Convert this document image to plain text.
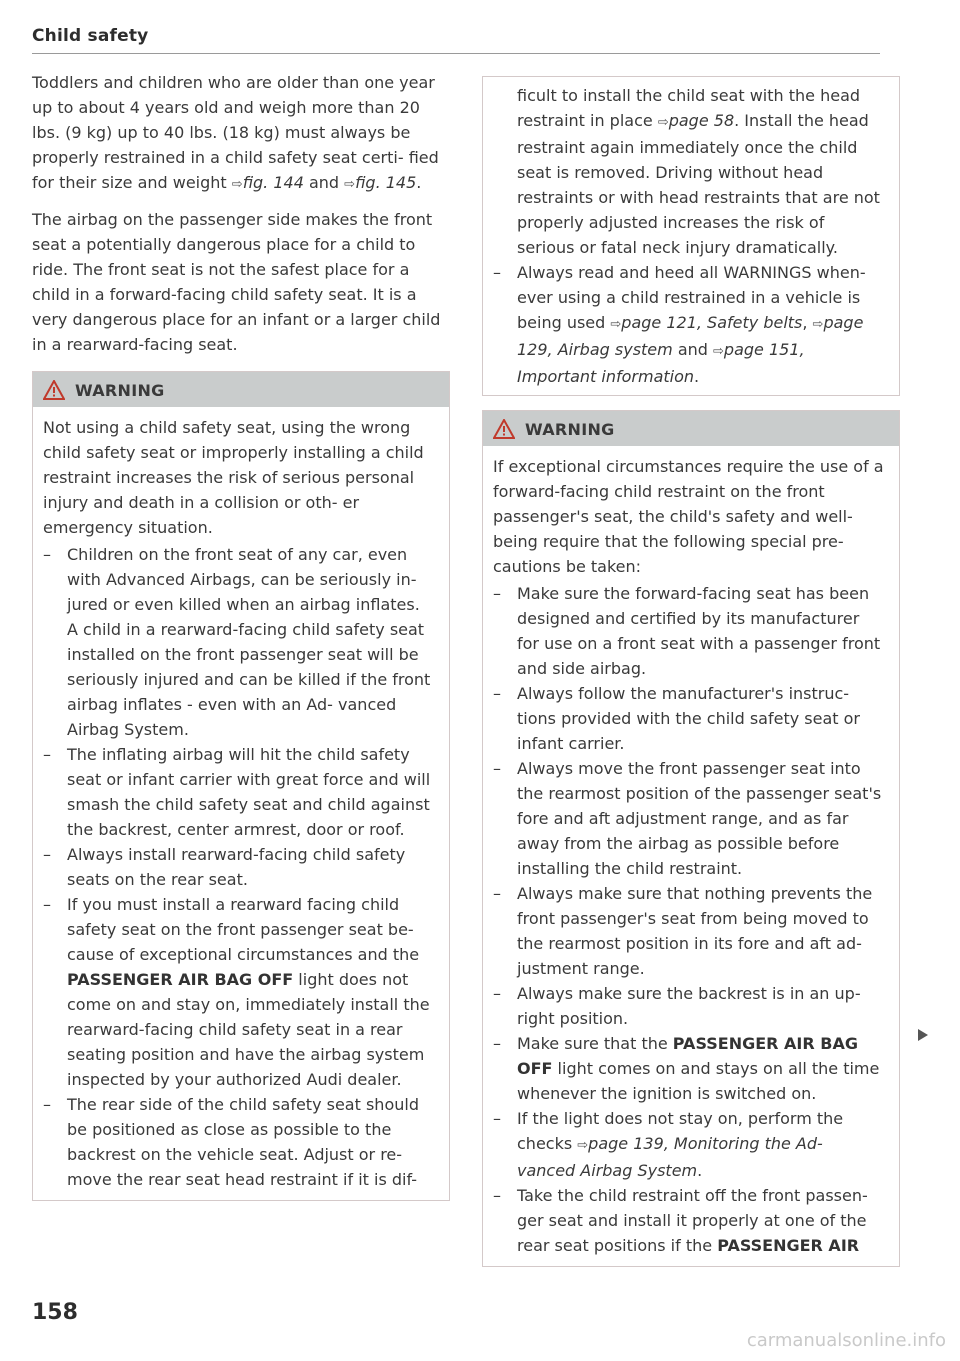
Child safety

Toddlers and children who are older than one year up to about 4 years old and weigh more than 20 lbs. (9 kg) up to 40 lbs. (18 kg) must always be properly restrained in a child safety seat certi- fied for their size and weight ⇨fig. 144 and ⇨fig. 145.

The airbag on the passenger side makes the front seat a potentially dangerous place for a child to ride. The front seat is not the safest place for a child in a forward-facing child safety seat. It is a very dangerous place for an infant or a larger child in a rearward-facing seat.

WARNING

Not using a child safety seat, using the wrong child safety seat or improperly installing a child restraint increases the risk of serious personal injury and death in a collision or oth- er emergency situation.

– Children on the front seat of any car, even with Advanced Airbags, can be seriously in- jured or even killed when an airbag inflates. A child in a rearward-facing child safety seat installed on the front passenger seat will be seriously injured and can be killed if the front airbag inflates - even with an Ad- vanced Airbag System.
– The inflating airbag will hit the child safety seat or infant carrier with great force and will smash the child safety seat and child against the backrest, center armrest, door or roof.
– Always install rearward-facing child safety seats on the rear seat.
– If you must install a rearward facing child safety seat on the front passenger seat be- cause of exceptional circumstances and the PASSENGER AIR BAG OFF light does not come on and stay on, immediately install the rearward-facing child safety seat in a rear seating position and have the airbag system inspected by your authorized Audi dealer.
– The rear side of the child safety seat should be positioned as close as possible to the backrest on the vehicle seat. Adjust or re- move the rear seat head restraint if it is dif-

ficult to install the child seat with the head restraint in place ⇨page 58. Install the head restraint again immediately once the child seat is removed. Driving without head restraints or with head restraints that are not properly adjusted increases the risk of serious or fatal neck injury dramatically.

– Always read and heed all WARNINGS when- ever using a child restrained in a vehicle is being used ⇨page 121, Safety belts, ⇨page 129, Airbag system and ⇨page 151, Important information.
WARNING

If exceptional circumstances require the use of a forward-facing child restraint on the front passenger's seat, the child's safety and well- being require that the following special pre- cautions be taken:

– Make sure the forward-facing seat has been designed and certified by its manufacturer for use on a front seat with a passenger front and side airbag.
– Always follow the manufacturer's instruc- tions provided with the child safety seat or infant carrier.
– Always move the front passenger seat into the rearmost position of the passenger seat's fore and aft adjustment range, and as far away from the airbag as possible before installing the child restraint.
– Always make sure that nothing prevents the front passenger's seat from being moved to the rearmost position in its fore and aft ad- justment range.
– Always make sure the backrest is in an up- right position.
– Make sure that the PASSENGER AIR BAG OFF light comes on and stays on all the time whenever the ignition is switched on.
– If the light does not stay on, perform the checks ⇨page 139, Monitoring the Ad- vanced Airbag System.
– Take the child restraint off the front passen- ger seat and install it properly at one of the rear seat positions if the PASSENGER AIR
158
carmanualsonline.info
